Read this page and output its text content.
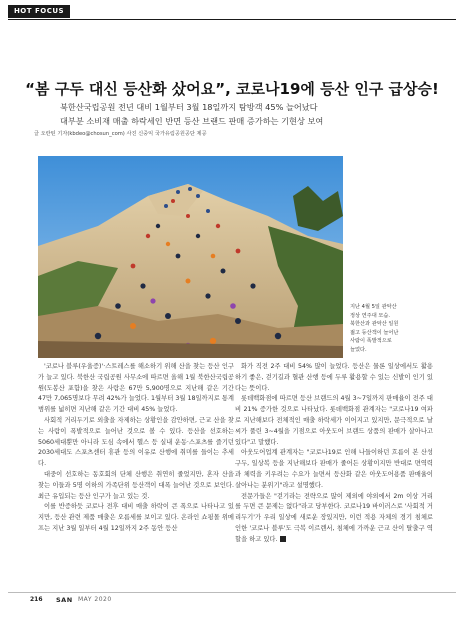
HOT FOCUS
“봄 구두 대신 등산화 샀어요”, 코로나19에 등산 인구 급상승!
북한산국립공원 전년 대비 1월부터 3월 18일까지 탐방객 45% 늘어났다
대부분 소비재 매출 하락세인 반면 등산 브랜드 판매 증가하는 기현상 보여
글 오란틴 기자(kbdeo@chosun_com) 사진 신중익 국가유림공원공단 제공
지난 4월 5일 관악산
정상 연주대 모습.
북한산과 관악산 일원
젊고 등산객이 늘어난
사람이 폭발적으로
늘었다.

'코로나 블루(우울증)'·스트레스를 해소하기 위해 산을 찾는 등산 인구가 늘고 있다. 북한산 국립공원 사무소에 따르면 올해 1월 북한산국립공원(도봉산 포함)을 찾은 사람은 67만 5,900명으로 지난해 같은 기간 47만 7,065명보다 무려 42%가 늘었다. 1월부터 3월 18일까지로 통계 범위를 넓히면 지난해 같은 기간 대비 45% 늘었다.

사회적 거리두기로 외출을 자제하는 상황인을 감안하면, 근교 산을 찾는 사람이 폭발적으로 늘어난 것으로 볼 수 있다. 등산을 선호하는 5060세대뿐만 아니라 도심 속에서 헬스 등 실내 운동·스포츠를 즐기던 2030세대도 스포츠센터 휴관 등의 이유로 산행에 취미를 들이는 추세다.

대중이 선호하는 동호회의 단체 산행은 취연히 줄었지만, 혼자 산을 찾는 이들과 5명 이하의 가족단위 등산객이 대폭 늘어난 것으로 보인다. 최근 유입되는 등산 인구가 늘고 있는 것.

이를 반증하듯 코로나 전후 대비 매출 하락이 큰 폭으로 나타나고 있지만, 등산 관련 제품 매출은 오름세를 보이고 있다. 온라인 쇼핑몰 위메프는 지난 3월 일부터 4월 12일까지 2주 동안 등산

화가 직전 2주 대비 54% 많이 늘었다. 등산은 물론 일상에서도 활용하기 좋은, 걷기길과 혈관 산행 등에 두루 활용할 수 있는 신발이 인기 있다는 뜻이다.

롯데백화점에 따르면 등산 브랜드의 4월 3~7일까지 판매율이 전주 대비 21% 증가한 것으로 나타났다. 롯데백화점 관계자는 "코로나19 여파로 지난해보다 전체적인 매출 하락세가 이어지고 있지만, 문극적으로 날씨가 풀린 3~4월을 기점으로 아웃도어 브랜드 상품의 판매가 살아나고 있다"고 말했다.

아웃도어업계 관계자는 "코로나19로 인해 나들이하던 흐름이 본 산성 구두, 일상복 등을 지난해보다 판매가 줄어든 상황이지만 반대로 면역력과 체력을 키우려는 수요가 늘면서 등산화 같은 아웃도어용품 판매율이 살아나는 분위기"라고 설명했다.

전문가들은 "걷기라는 전략으로 많이 제외에 야외에서 2m 이상 거리를 두면 큰 문제는 없다"라고 당부한다. 코로나19 바이러스로 '사회적 거리두기'가 우리 일상에 새로운 장있지만, 이런 적용 자체의 경기 침체로 인한 '코로나 블루'도 극복 이르렌서, 침체에 가까운 근교 산이 탈출구 역할을 하고 있다.

216 SAN MAY 2020
